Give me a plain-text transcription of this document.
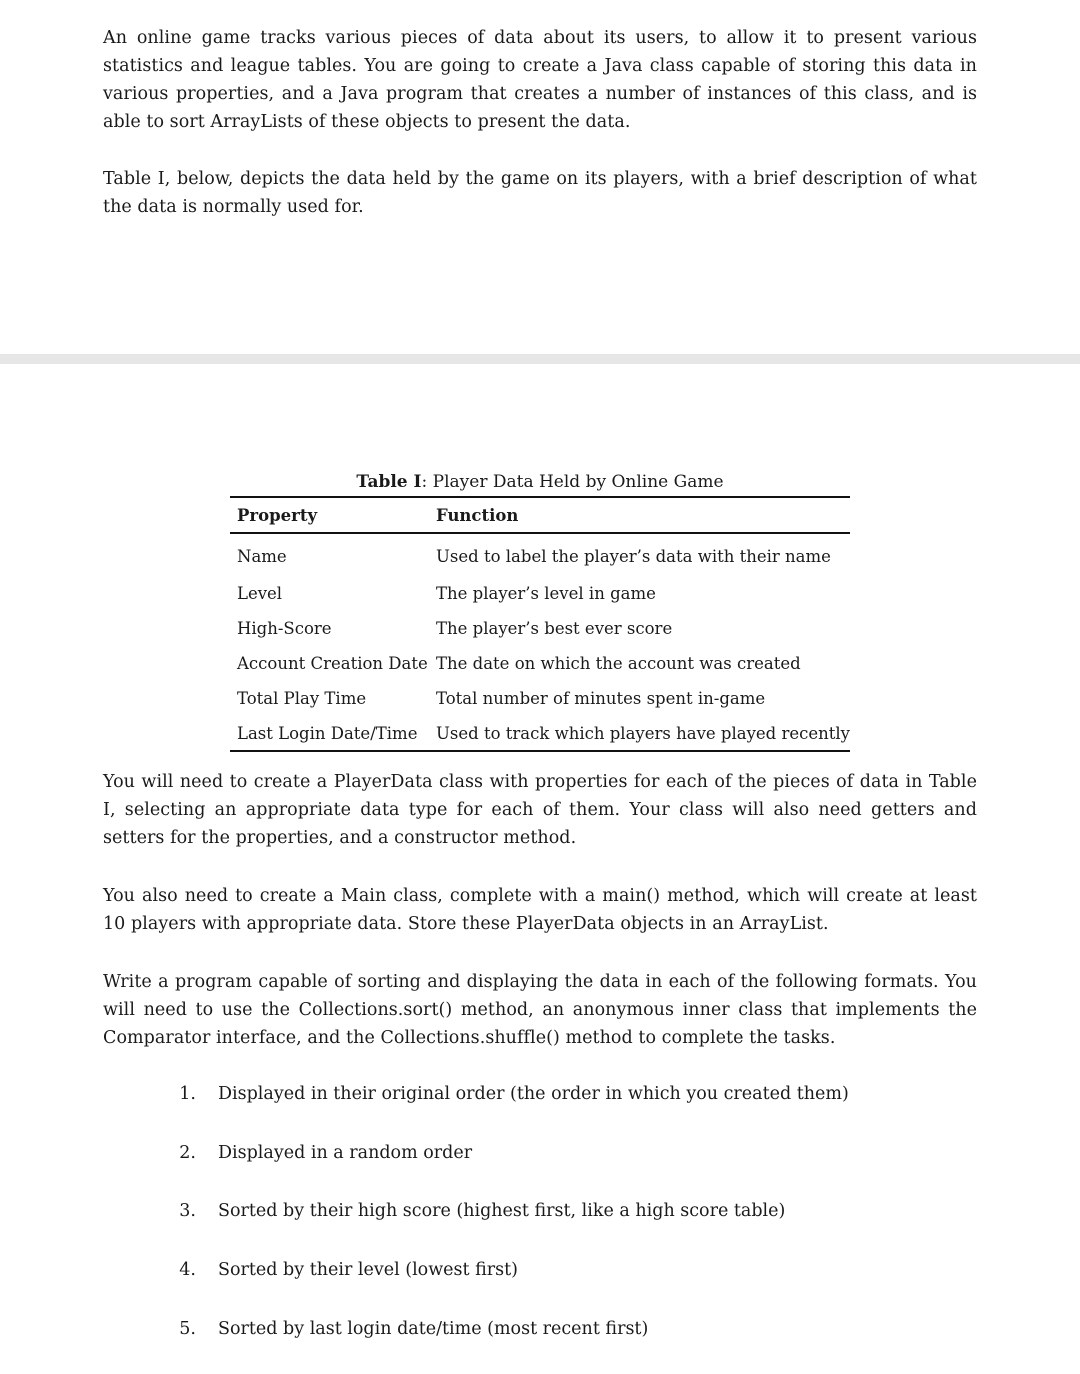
An online game tracks various pieces of data about its users, to allow it to present various statistics and league tables. You are going to create a Java class capable of storing this data in various properties, and a Java program that creates a number of instances of this class, and is able to sort ArrayLists of these objects to present the data.

Table I, below, depicts the data held by the game on its players, with a brief description of what the data is normally used for.

Table I: Player Data Held by Online Game
Property	Function
Name	Used to label the player’s data with their name
Level	The player’s level in game
High-Score	The player’s best ever score
Account Creation Date	The date on which the account was created
Total Play Time	Total number of minutes spent in-game
Last Login Date/Time	Used to track which players have played recently

You will need to create a PlayerData class with properties for each of the pieces of data in Table I, selecting an appropriate data type for each of them. Your class will also need getters and setters for the properties, and a constructor method.

You also need to create a Main class, complete with a main() method, which will create at least 10 players with appropriate data. Store these PlayerData objects in an ArrayList.

Write a program capable of sorting and displaying the data in each of the following formats. You will need to use the Collections.sort() method, an anonymous inner class that implements the Comparator interface, and the Collections.shuffle() method to complete the tasks.

1. Displayed in their original order (the order in which you created them)
2. Displayed in a random order
3. Sorted by their high score (highest first, like a high score table)
4. Sorted by their level (lowest first)
5. Sorted by last login date/time (most recent first)
